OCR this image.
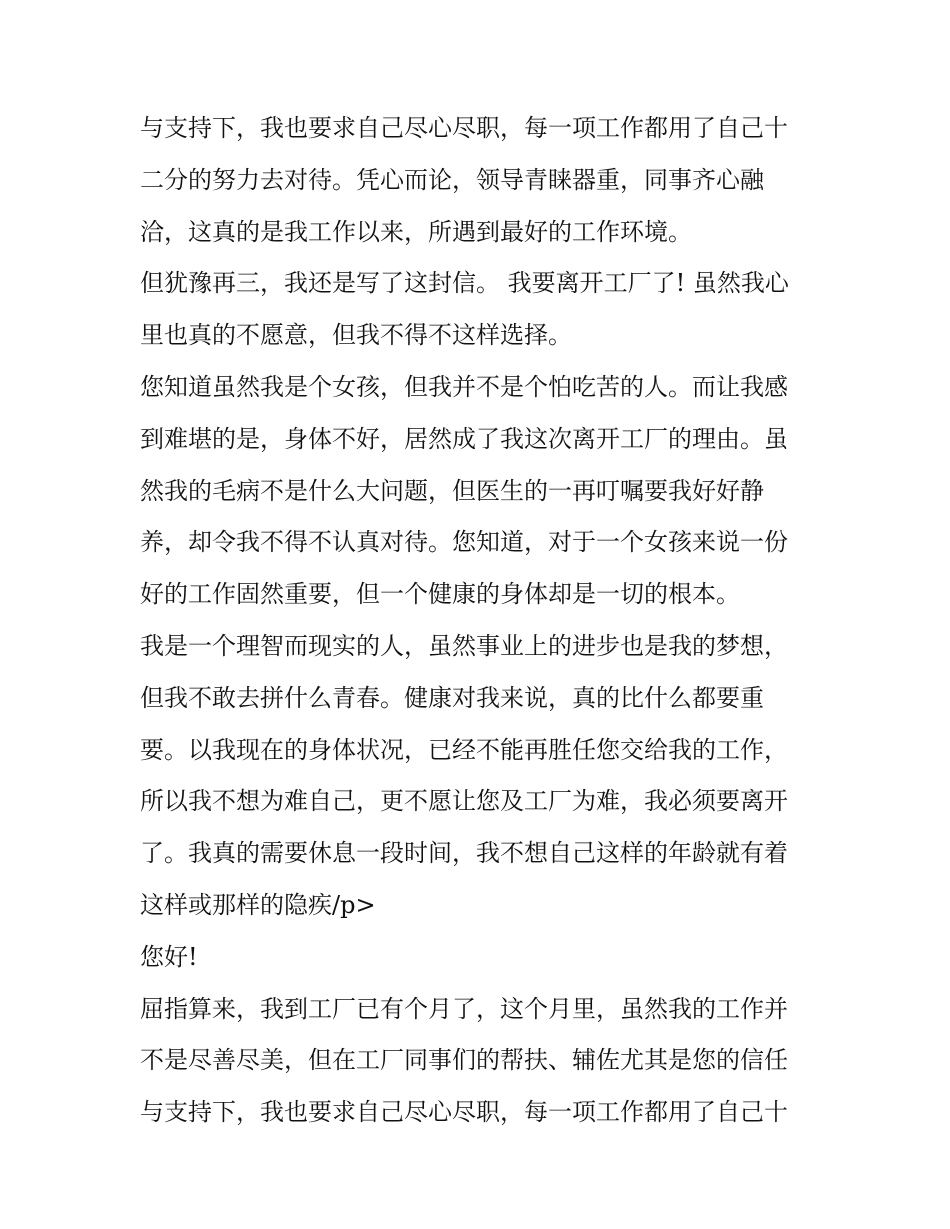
与支持下，我也要求自己尽心尽职，每一项工作都用了自己十

二分的努力去对待。凭心而论，领导青睐器重，同事齐心融

洽，这真的是我工作以来，所遇到最好的工作环境。

但犹豫再三，我还是写了这封信。 我要离开工厂了! 虽然我心

里也真的不愿意，但我不得不这样选择。

您知道虽然我是个女孩，但我并不是个怕吃苦的人。而让我感

到难堪的是，身体不好，居然成了我这次离开工厂的理由。虽

然我的毛病不是什么大问题，但医生的一再叮嘱要我好好静

养，却令我不得不认真对待。您知道，对于一个女孩来说一份

好的工作固然重要，但一个健康的身体却是一切的根本。

我是一个理智而现实的人，虽然事业上的进步也是我的梦想，

但我不敢去拼什么青春。健康对我来说，真的比什么都要重

要。以我现在的身体状况，已经不能再胜任您交给我的工作，

所以我不想为难自己，更不愿让您及工厂为难，我必须要离开

了。我真的需要休息一段时间，我不想自己这样的年龄就有着

这样或那样的隐疾/p>

您好!

屈指算来，我到工厂已有个月了，这个月里，虽然我的工作并

不是尽善尽美，但在工厂同事们的帮扶、辅佐尤其是您的信任

与支持下，我也要求自己尽心尽职，每一项工作都用了自己十
